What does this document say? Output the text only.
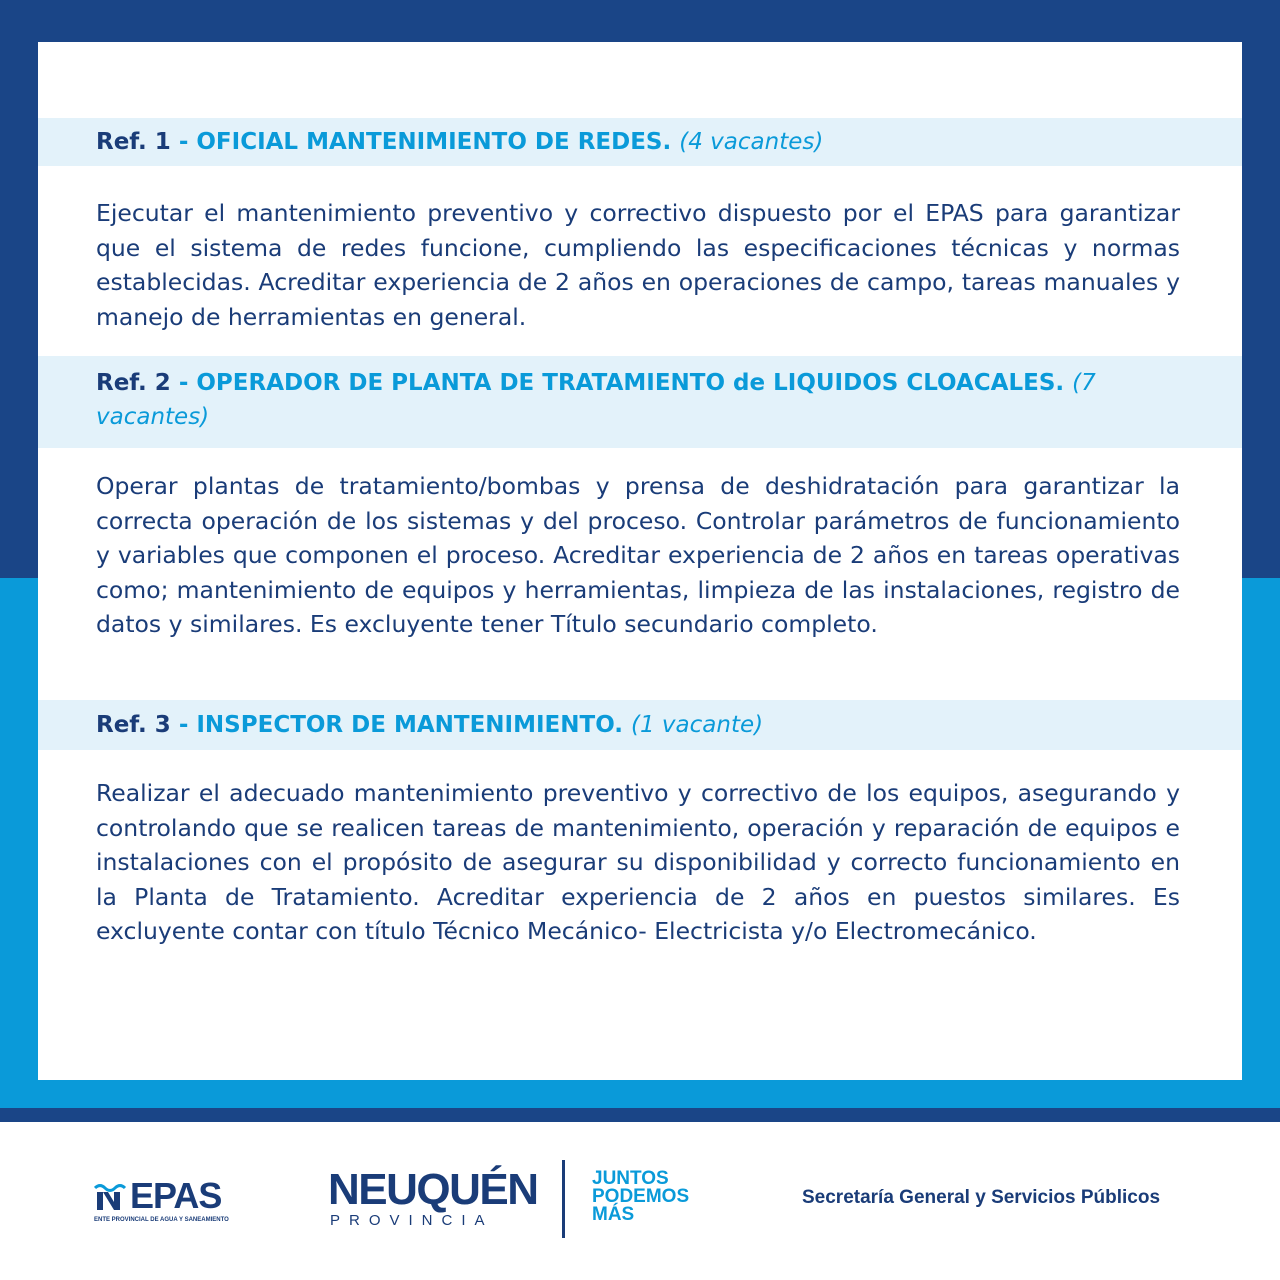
Ref. 1 - OFICIAL MANTENIMIENTO DE REDES. (4 vacantes)

Ejecutar el mantenimiento preventivo y correctivo dispuesto por el EPAS para garantizar que el sistema de redes funcione, cumpliendo las especificaciones técnicas y normas establecidas. Acreditar experiencia de 2 años en operaciones de campo, tareas manuales y manejo de herramientas en general.

Ref. 2 - OPERADOR DE PLANTA DE TRATAMIENTO de LIQUIDOS CLOACALES. (7 vacantes)

Operar plantas de tratamiento/bombas y prensa de deshidratación para garantizar la correcta operación de los sistemas y del proceso. Controlar parámetros de funcionamiento y variables que componen el proceso. Acreditar experiencia de 2 años en tareas operativas como; mantenimiento de equipos y herramientas, limpieza de las instalaciones, registro de datos y similares. Es excluyente tener Título secundario completo.

Ref. 3 - INSPECTOR DE MANTENIMIENTO. (1 vacante)

Realizar el adecuado mantenimiento preventivo y correctivo de los equipos, asegurando y controlando que se realicen tareas de mantenimiento, operación y reparación de equipos e instalaciones con el propósito de asegurar su disponibilidad y correcto funcionamiento en la Planta de Tratamiento. Acreditar experiencia de 2 años en puestos similares. Es excluyente contar con título Técnico Mecánico- Electricista y/o Electromecánico.

EPAS
ENTE PROVINCIAL DE AGUA Y SANEAMIENTO
NEUQUÉN
PROVINCIA
JUNTOS
PODEMOS
MÁS
Secretaría General y Servicios Públicos
